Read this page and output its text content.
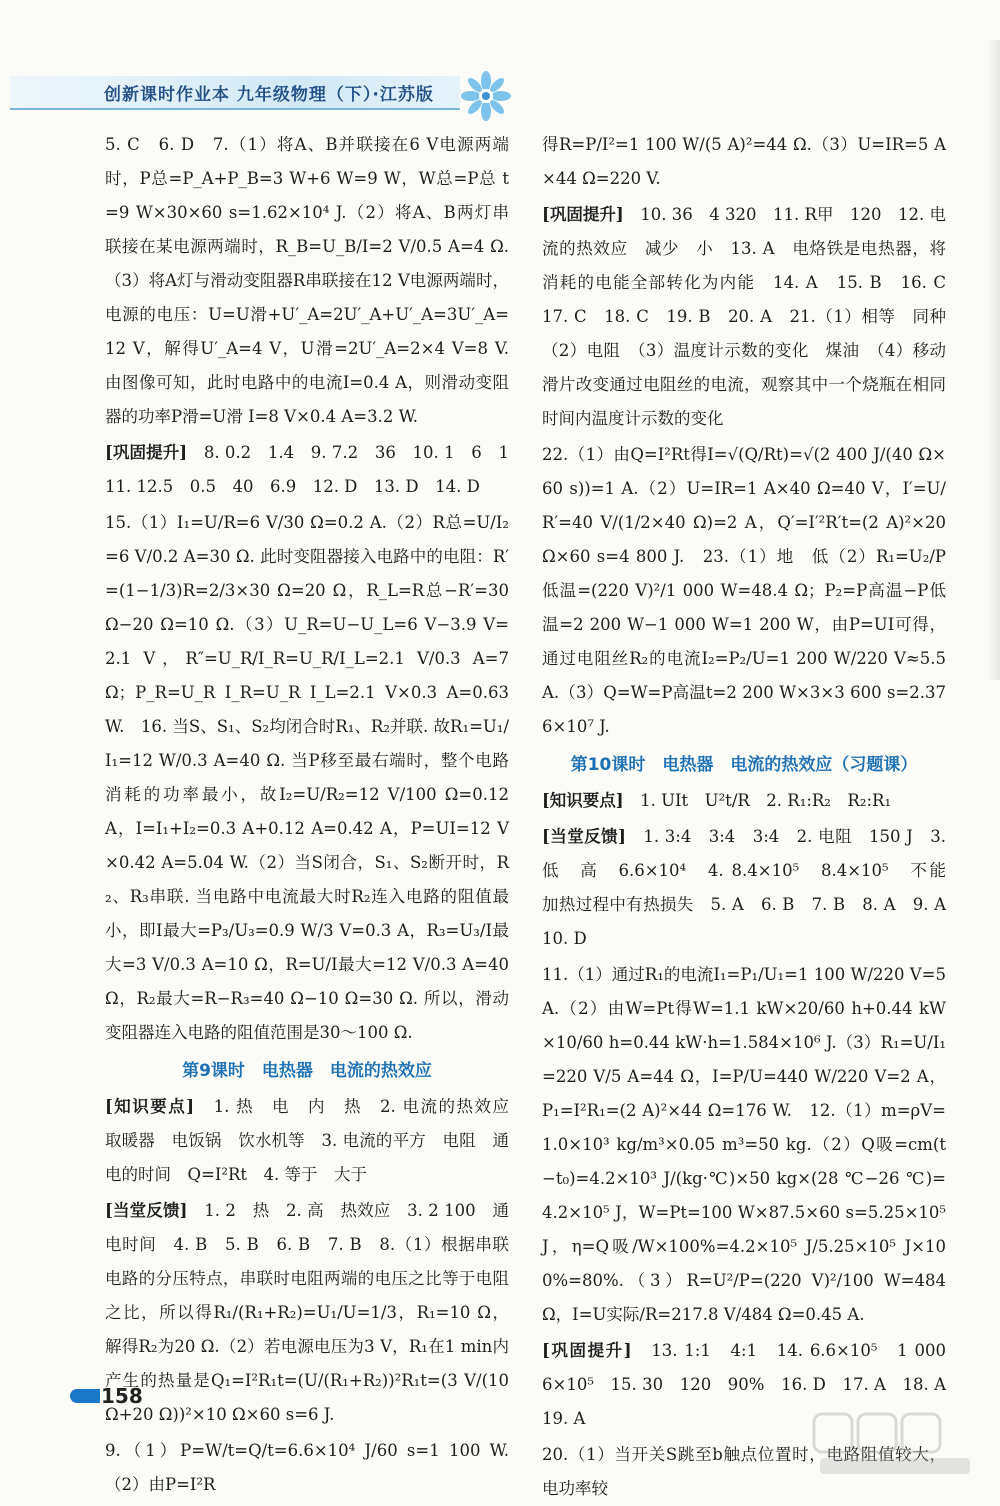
创新课时作业本 九年级物理（下）·江苏版

5. C　6. D　7.（1）将A、B并联接在6 V电源两端时，P总=P_A+P_B=3 W+6 W=9 W，W总=P总 t=9 W×30×60 s=1.62×10⁴ J.（2）将A、B两灯串联接在某电源两端时，R_B=U_B/I=2 V/0.5 A=4 Ω.（3）将A灯与滑动变阻器R串联接在12 V电源两端时，电源的电压：U=U滑+U′_A=2U′_A+U′_A=3U′_A=12 V，解得U′_A=4 V，U滑=2U′_A=2×4 V=8 V. 由图像可知，此时电路中的电流I=0.4 A，则滑动变阻器的功率P滑=U滑 I=8 V×0.4 A=3.2 W.

[巩固提升]　8. 0.2　1.4　9. 7.2　36　10. 1　6　1　11. 12.5　0.5　40　6.9　12. D　13. D　14. D

15.（1）I₁=U/R=6 V/30 Ω=0.2 A.（2）R总=U/I₂=6 V/0.2 A=30 Ω. 此时变阻器接入电路中的电阻：R′=(1−1/3)R=2/3×30 Ω=20 Ω，R_L=R总−R′=30 Ω−20 Ω=10 Ω.（3）U_R=U−U_L=6 V−3.9 V=2.1 V，R″=U_R/I_R=U_R/I_L=2.1 V/0.3 A=7 Ω；P_R=U_R I_R=U_R I_L=2.1 V×0.3 A=0.63 W.　16. 当S、S₁、S₂均闭合时R₁、R₂并联. 故R₁=U₁/I₁=12 W/0.3 A=40 Ω. 当P移至最右端时，整个电路消耗的功率最小，故I₂=U/R₂=12 V/100 Ω=0.12 A，I=I₁+I₂=0.3 A+0.12 A=0.42 A，P=UI=12 V×0.42 A=5.04 W.（2）当S闭合，S₁、S₂断开时，R₂、R₃串联. 当电路中电流最大时R₂连入电路的阻值最小，即I最大=P₃/U₃=0.9 W/3 V=0.3 A，R₃=U₃/I最大=3 V/0.3 A=10 Ω，R=U/I最大=12 V/0.3 A=40 Ω，R₂最大=R−R₃=40 Ω−10 Ω=30 Ω. 所以，滑动变阻器连入电路的阻值范围是30～100 Ω.

第9课时　电热器　电流的热效应

[知识要点]　1. 热　电　内　热　2. 电流的热效应　取暖器　电饭锅　饮水机等　3. 电流的平方　电阻　通电的时间　Q=I²Rt　4. 等于　大于

[当堂反馈]　1. 2　热　2. 高　热效应　3. 2 100　通电时间　4. B　5. B　6. B　7. B　8.（1）根据串联电路的分压特点，串联时电阻两端的电压之比等于电阻之比，所以得R₁/(R₁+R₂)=U₁/U=1/3，R₁=10 Ω，解得R₂为20 Ω.（2）若电源电压为3 V，R₁在1 min内产生的热量是Q₁=I²R₁t=(U/(R₁+R₂))²R₁t=(3 V/(10 Ω+20 Ω))²×10 Ω×60 s=6 J.

9.（1）P=W/t=Q/t=6.6×10⁴ J/60 s=1 100 W.（2）由P=I²R

得R=P/I²=1 100 W/(5 A)²=44 Ω.（3）U=IR=5 A×44 Ω=220 V.

[巩固提升]　10. 36　4 320　11. R甲　120　12. 电流的热效应　减少　小　13. A　电烙铁是电热器，将消耗的电能全部转化为内能　14. A　15. B　16. C　17. C　18. C　19. B　20. A　21.（1）相等　同种　（2）电阻　（3）温度计示数的变化　煤油　（4）移动滑片改变通过电阻丝的电流，观察其中一个烧瓶在相同时间内温度计示数的变化

22.（1）由Q=I²Rt得I=√(Q/Rt)=√(2 400 J/(40 Ω×60 s))=1 A.（2）U=IR=1 A×40 Ω=40 V，I′=U/R′=40 V/(1/2×40 Ω)=2 A，Q′=I′²R′t=(2 A)²×20 Ω×60 s=4 800 J.　23.（1）地　低（2）R₁=U₂/P低温=(220 V)²/1 000 W=48.4 Ω；P₂=P高温−P低温=2 200 W−1 000 W=1 200 W，由P=UI可得，通过电阻丝R₂的电流I₂=P₂/U=1 200 W/220 V≈5.5 A.（3）Q=W=P高温t=2 200 W×3×3 600 s=2.376×10⁷ J.

第10课时　电热器　电流的热效应（习题课）

[知识要点]　1. UIt　U²t/R　2. R₁:R₂　R₂:R₁

[当堂反馈]　1. 3:4　3:4　3:4　2. 电阻　150 J　3. 低　高　6.6×10⁴　4. 8.4×10⁵　8.4×10⁵　不能　加热过程中有热损失　5. A　6. B　7. B　8. A　9. A　10. D

11.（1）通过R₁的电流I₁=P₁/U₁=1 100 W/220 V=5 A.（2）由W=Pt得W=1.1 kW×20/60 h+0.44 kW×10/60 h=0.44 kW·h=1.584×10⁶ J.（3）R₁=U/I₁=220 V/5 A=44 Ω，I=P/U=440 W/220 V=2 A，P₁=I²R₁=(2 A)²×44 Ω=176 W.　12.（1）m=ρV=1.0×10³ kg/m³×0.05 m³=50 kg.（2）Q吸=cm(t−t₀)=4.2×10³ J/(kg·℃)×50 kg×(28 ℃−26 ℃)=4.2×10⁵ J，W=Pt=100 W×87.5×60 s=5.25×10⁵ J，η=Q吸/W×100%=4.2×10⁵ J/5.25×10⁵ J×100%=80%.（3）R=U²/P=(220 V)²/100 W=484 Ω，I=U实际/R=217.8 V/484 Ω=0.45 A.

[巩固提升]　13. 1:1　4:1　14. 6.6×10⁵　1 000　6×10⁵　15. 30　120　90%　16. D　17. A　18. A　19. A

20.（1）当开关S跳至b触点位置时，电路阻值较大，电功率较

158
